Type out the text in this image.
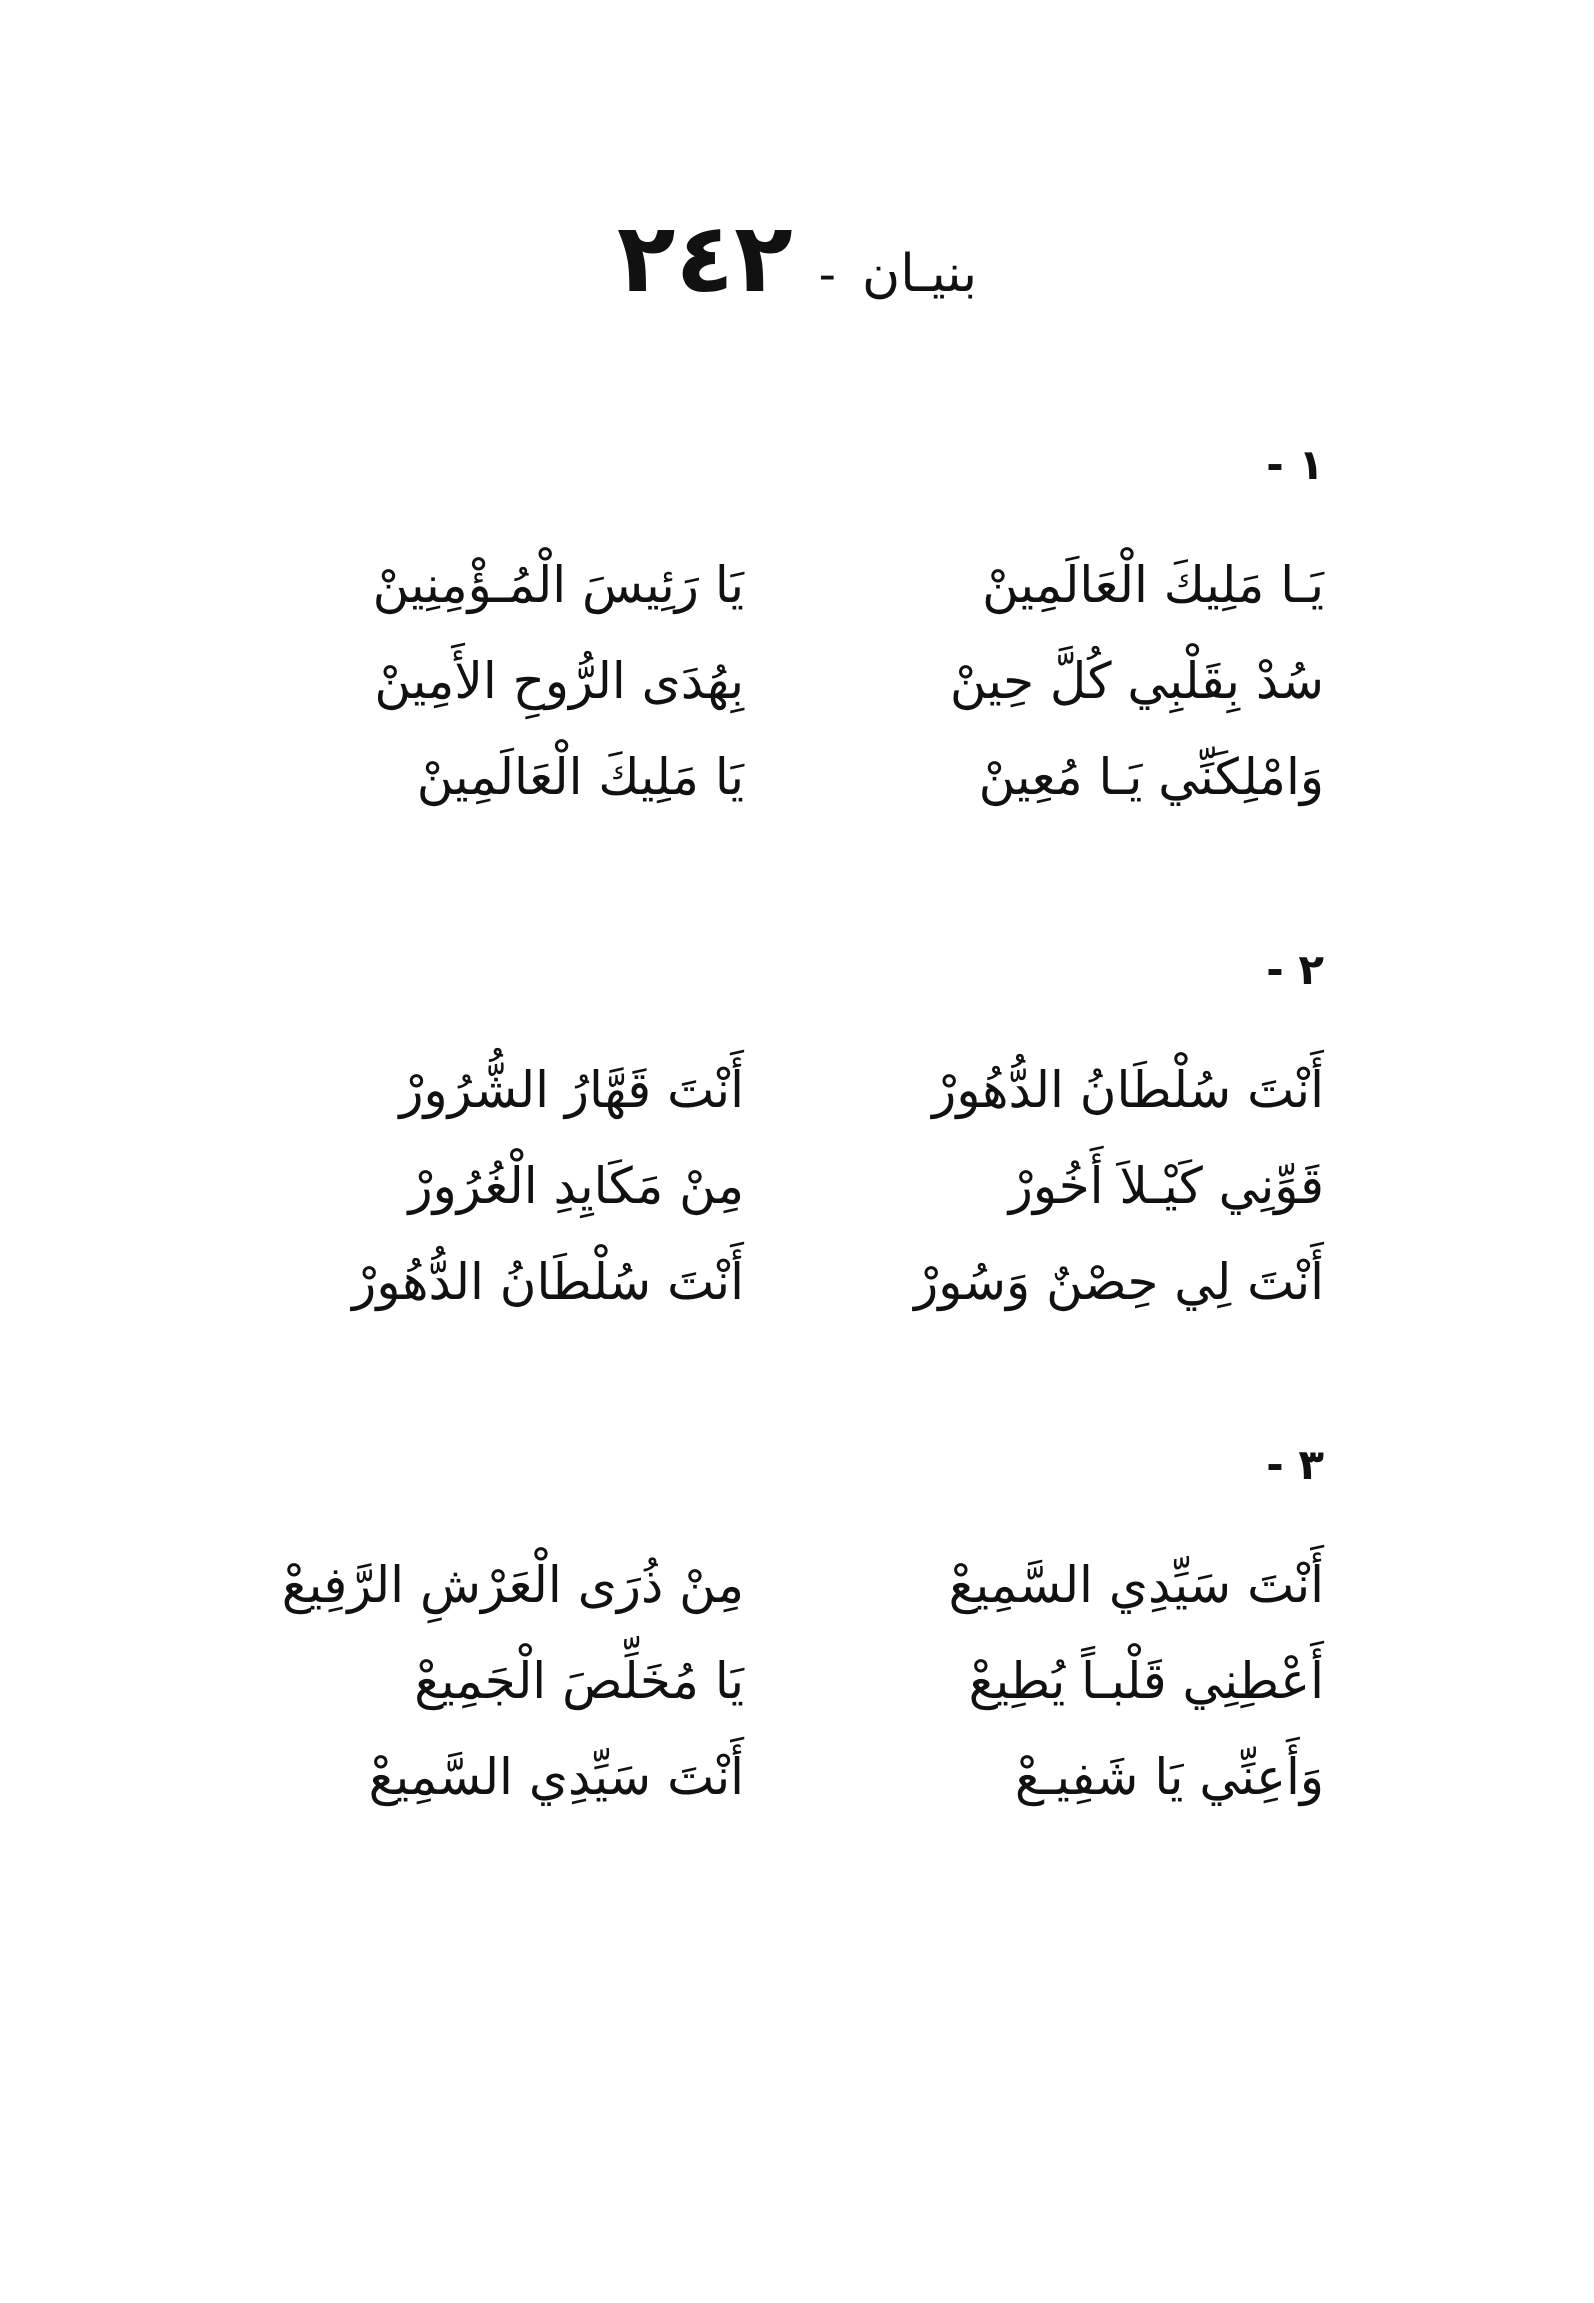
بنيـان
-
٢٤٢
١ -
يَـا مَلِيكَ الْعَالَمِينْ
يَا رَئِيسَ الْمُـؤْمِنِينْ
سُدْ بِقَلْبِي كُلَّ حِينْ
بِهُدَى الرُّوحِ الأَمِينْ
وَامْلِكَنِّي يَـا مُعِينْ
يَا مَلِيكَ الْعَالَمِينْ
٢ -
أَنْتَ سُلْطَانُ الدُّهُورْ
أَنْتَ قَهَّارُ الشُّرُورْ
قَوِّنِي كَيْـلاَ أَخُورْ
مِنْ مَكَايِدِ الْغُرُورْ
أَنْتَ لِي حِصْنٌ وَسُورْ
أَنْتَ سُلْطَانُ الدُّهُورْ
٣ -
أَنْتَ سَيِّدِي السَّمِيعْ
مِنْ ذُرَى الْعَرْشِ الرَّفِيعْ
أَعْطِنِي قَلْبـاً يُطِيعْ
يَا مُخَلِّصَ الْجَمِيعْ
وَأَعِنِّي يَا شَفِيـعْ
أَنْتَ سَيِّدِي السَّمِيعْ
